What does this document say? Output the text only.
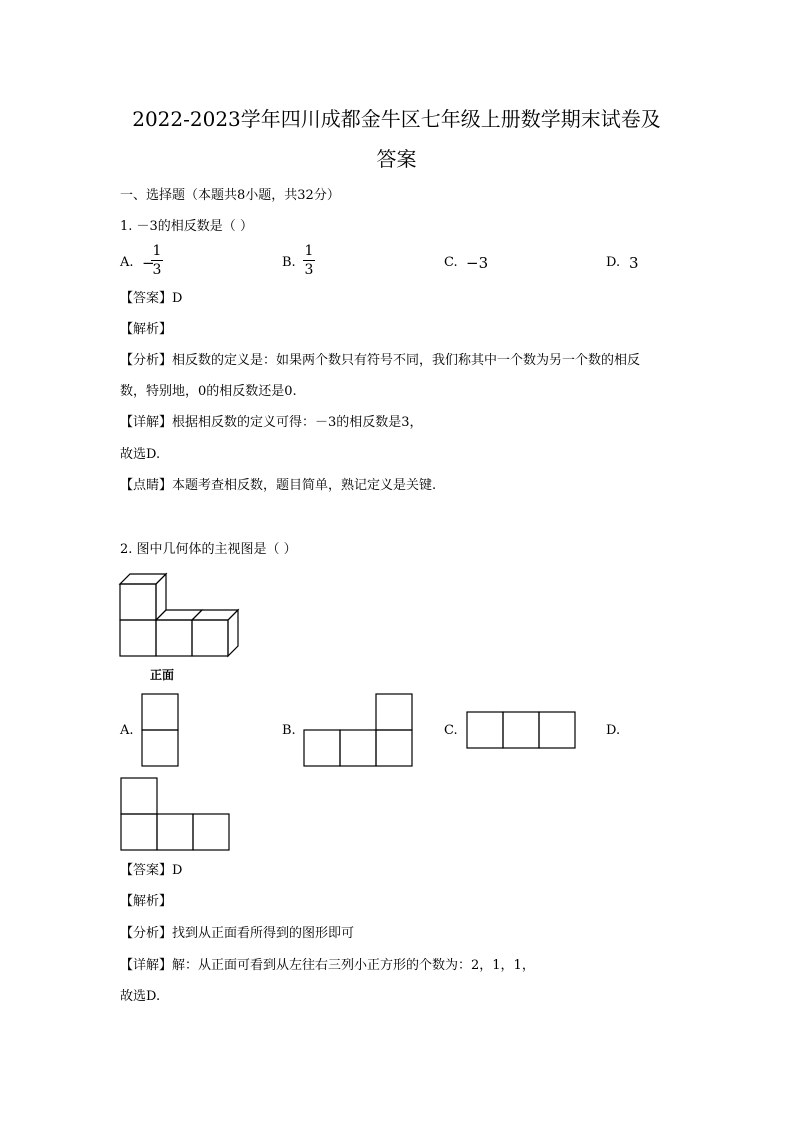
2022-2023学年四川成都金牛区七年级上册数学期末试卷及
答案
一、选择题（本题共8小题，共32分）
1. －3的相反数是（ ）
A. −
1
3	B.
1
3	C. −3	D. 3
【答案】D
【解析】
【分析】相反数的定义是：如果两个数只有符号不同，我们称其中一个数为另一个数的相反
数，特别地，0的相反数还是0.
【详解】根据相反数的定义可得：－3的相反数是3，
故选D.
【点睛】本题考查相反数，题目简单，熟记定义是关键.
2. 图中几何体的主视图是（ ）
正面
A.	B.	C.	D.
【答案】D
【解析】
【分析】找到从正面看所得到的图形即可
【详解】解：从正面可看到从左往右三列小正方形的个数为：2，1，1，
故选D.
